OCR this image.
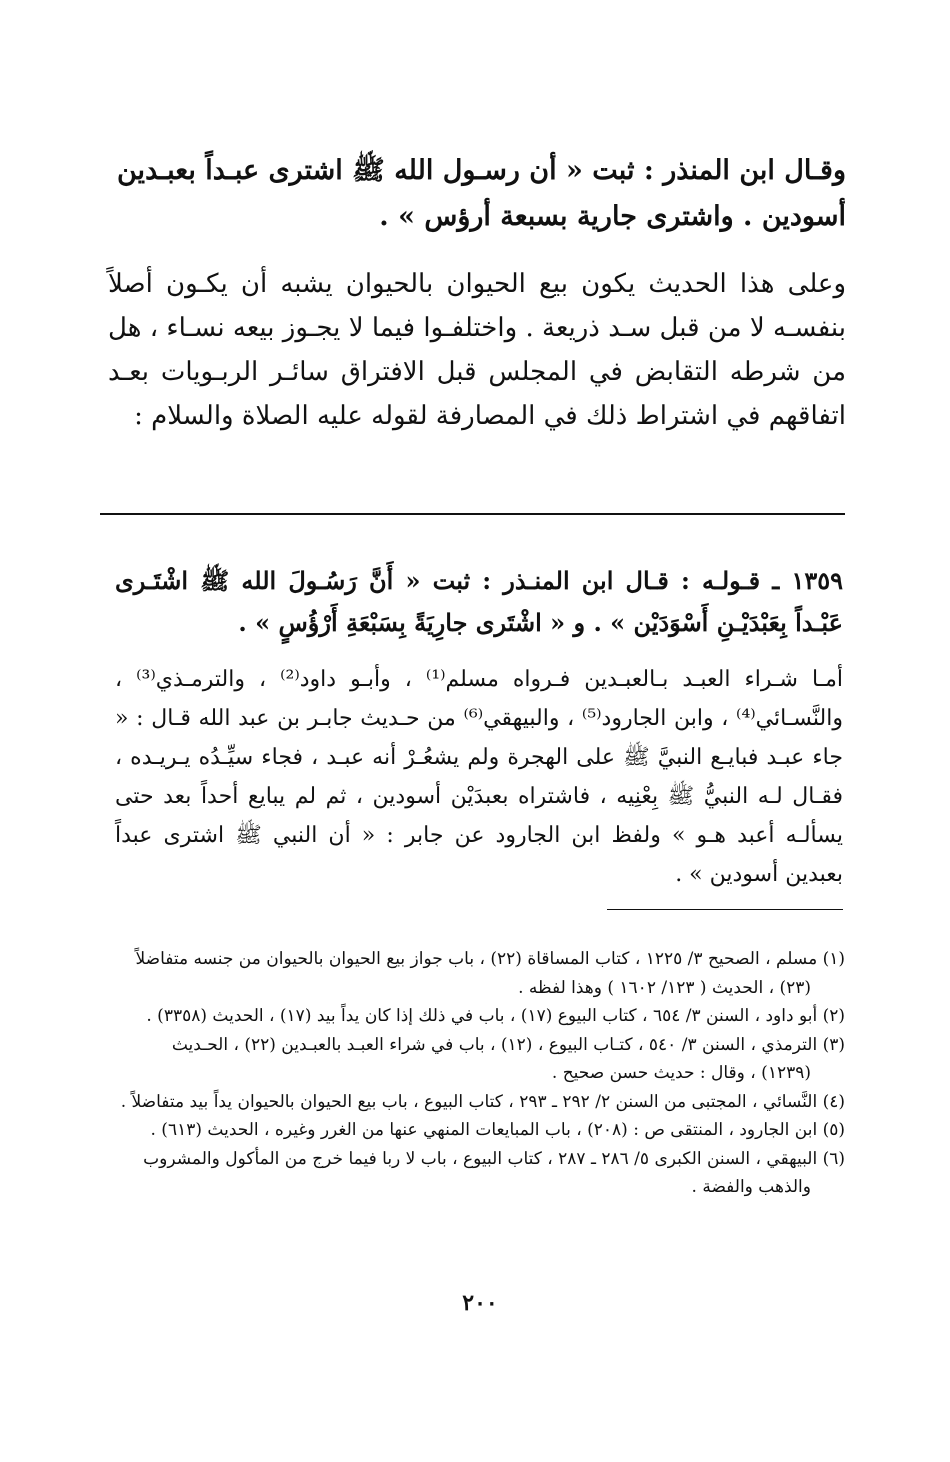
وقـال ابن المنذر : ثبت « أن رسـول الله ﷺ اشترى عبـداً بعبـدين

أسودين . واشترى جارية بسبعة أرؤس » .

وعلى هذا الحديث يكون بيع الحيوان بالحيوان يشبه أن يكـون أصلاً بنفسـه لا من قبل سـد ذريعة . واختلفـوا فيما لا يجـوز بيعه نسـاء ، هل من شرطه التقابض في المجلس قبل الافتراق سائـر الربـويات بعـد اتفاقهم في اشتراط ذلك في المصارفة لقوله عليه الصلاة والسلام :

١٣٥٩ ـ قـولـه : قـال ابن المنـذر : ثبت « أَنَّ رَسُـولَ الله ﷺ اشْتَـرى عَبْـداً بِعَبْدَيْـنِ أَسْوَدَيْن » . و « اشْتَرى جارِيَةً بِسَبْعَةِ أَرْؤُسٍ » .

أمـا شـراء العبـد بـالعبـدين فـرواه مسلم⁽¹⁾ ، وأبـو داود⁽²⁾ ، والترمـذي⁽³⁾ ، والنَّسـائي⁽⁴⁾ ، وابن الجارود⁽⁵⁾ ، والبيهقي⁽⁶⁾ من حـديث جابـر بن عبد الله قـال : « جاء عبـد فبايـع النبيَّ ﷺ على الهجرة ولم يشعُـرْ أنه عبـد ، فجاء سيِّـدُه يـريـده ، فقـال لـه النبيُّ ﷺ بِعْنِيه ، فاشتراه بعبدَيْن أسودين ، ثم لم يبايع أحداً بعد حتى يسألـه أعبد هـو » ولفظ ابن الجارود عن جابر : « أن النبي ﷺ اشترى عبداً بعبدين أسودين » .

(١) مسلم ، الصحيح ٣/ ١٢٢٥ ، كتاب المساقاة (٢٢) ، باب جواز بيع الحيوان بالحيوان من جنسه متفاضلاً

(٢٣) ، الحديث ( ١٢٣/ ١٦٠٢ ) وهذا لفظه .

(٢) أبو داود ، السنن ٣/ ٦٥٤ ، كتاب البيوع (١٧) ، باب في ذلك إذا كان يداً بيد (١٧) ، الحديث (٣٣٥٨) .

(٣) الترمذي ، السنن ٣/ ٥٤٠ ، كتـاب البيوع ، (١٢) ، باب في شراء العبـد بالعبـدين (٢٢) ، الحـديث

(١٢٣٩) ، وقال : حديث حسن صحيح .

(٤) النَّسائي ، المجتبى من السنن ٢/ ٢٩٢ ـ ٢٩٣ ، كتاب البيوع ، باب بيع الحيوان بالحيوان يداً بيد متفاضلاً .

(٥) ابن الجارود ، المنتقى ص : (٢٠٨) ، باب المبايعات المنهي عنها من الغرر وغيره ، الحديث (٦١٣) .

(٦) البيهقي ، السنن الكبرى ٥/ ٢٨٦ ـ ٢٨٧ ، كتاب البيوع ، باب لا ربا فيما خرج من المأكول والمشروب

والذهب والفضة .

٢٠٠
